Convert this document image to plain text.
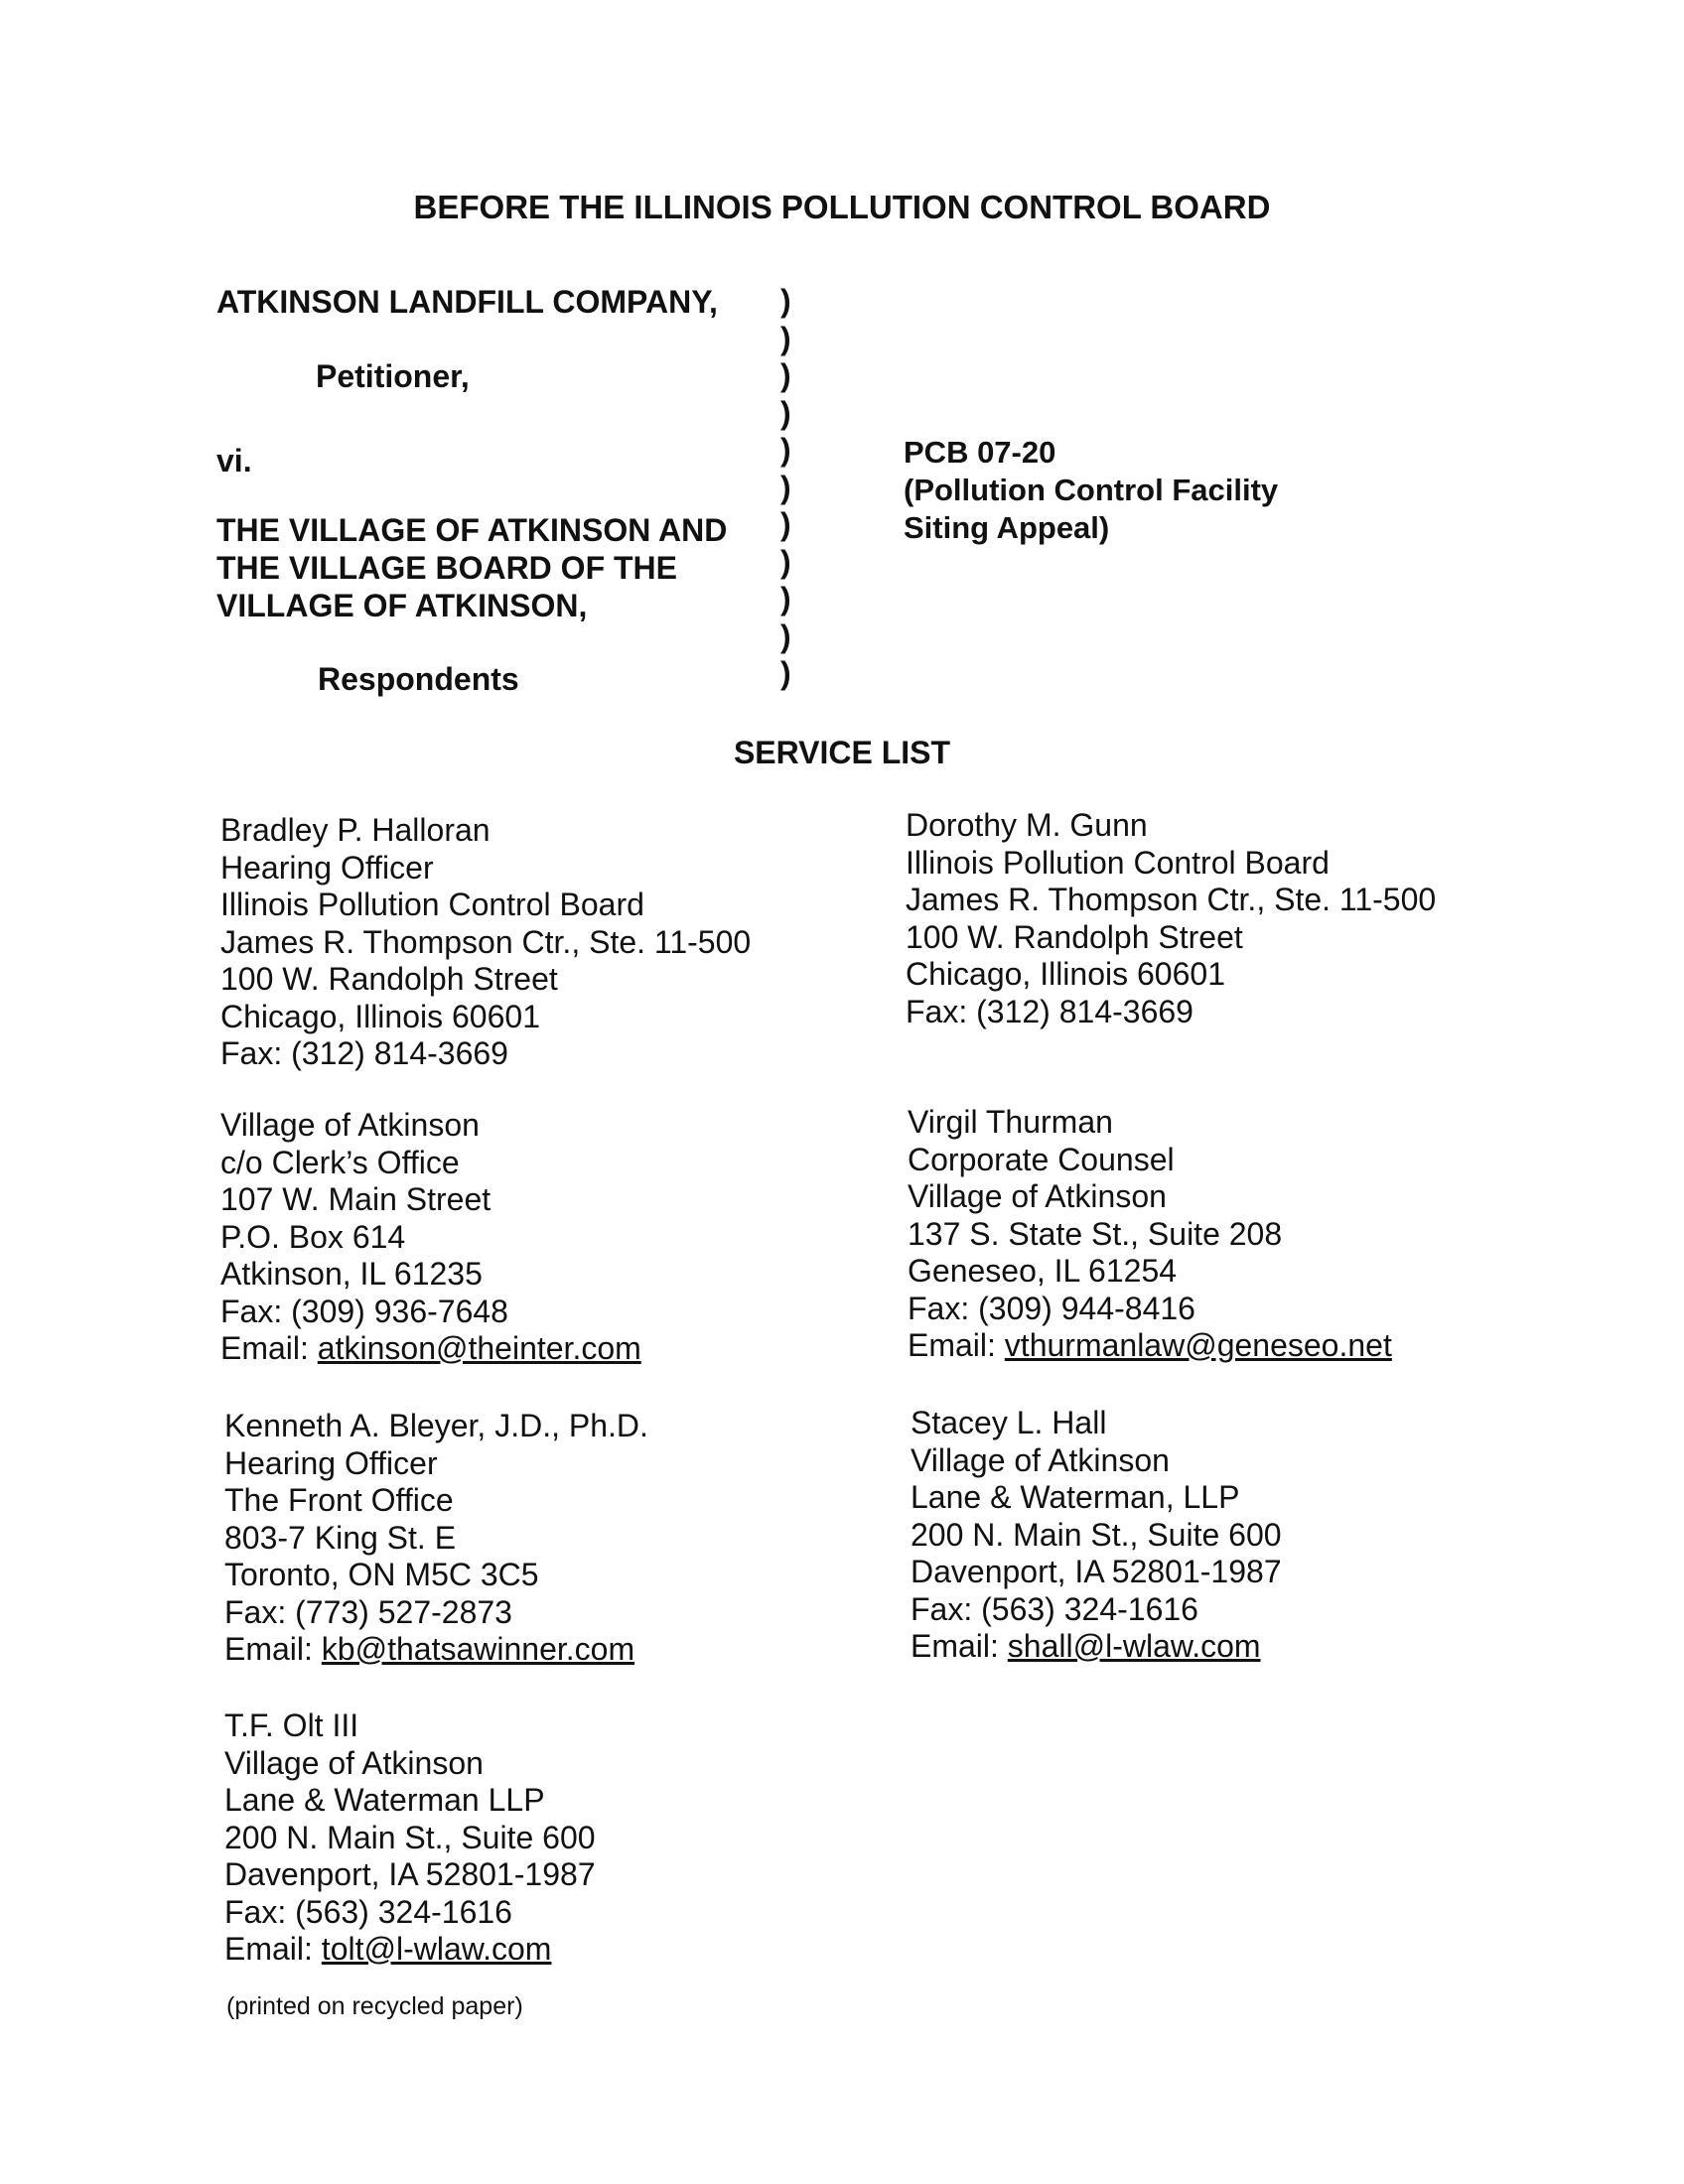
BEFORE THE ILLINOIS POLLUTION CONTROL BOARD
ATKINSON LANDFILL COMPANY,
Petitioner,
vi.
THE VILLAGE OF ATKINSON AND
THE VILLAGE BOARD OF THE
VILLAGE OF ATKINSON,
Respondents
)
)
)
)
)
)
)
)
)
)
)
PCB 07-20
(Pollution Control Facility
Siting Appeal)
SERVICE LIST
Bradley P. Halloran
Hearing Officer
Illinois Pollution Control Board
James R. Thompson Ctr., Ste. 11-500
100 W. Randolph Street
Chicago, Illinois 60601
Fax: (312) 814-3669
Dorothy M. Gunn
Illinois Pollution Control Board
James R. Thompson Ctr., Ste. 11-500
100 W. Randolph Street
Chicago, Illinois 60601
Fax: (312) 814-3669
Village of Atkinson
c/o Clerk’s Office
107 W. Main Street
P.O. Box 614
Atkinson, IL 61235
Fax: (309) 936-7648
Email: atkinson@theinter.com
Virgil Thurman
Corporate Counsel
Village of Atkinson
137 S. State St., Suite 208
Geneseo, IL 61254
Fax: (309) 944-8416
Email: vthurmanlaw@geneseo.net
Kenneth A. Bleyer, J.D., Ph.D.
Hearing Officer
The Front Office
803-7 King St. E
Toronto, ON M5C 3C5
Fax: (773) 527-2873
Email: kb@thatsawinner.com
Stacey L. Hall
Village of Atkinson
Lane & Waterman, LLP
200 N. Main St., Suite 600
Davenport, IA 52801-1987
Fax: (563) 324-1616
Email: shall@l-wlaw.com
T.F. Olt III
Village of Atkinson
Lane & Waterman LLP
200 N. Main St., Suite 600
Davenport, IA 52801-1987
Fax: (563) 324-1616
Email: tolt@l-wlaw.com
(printed on recycled paper)
